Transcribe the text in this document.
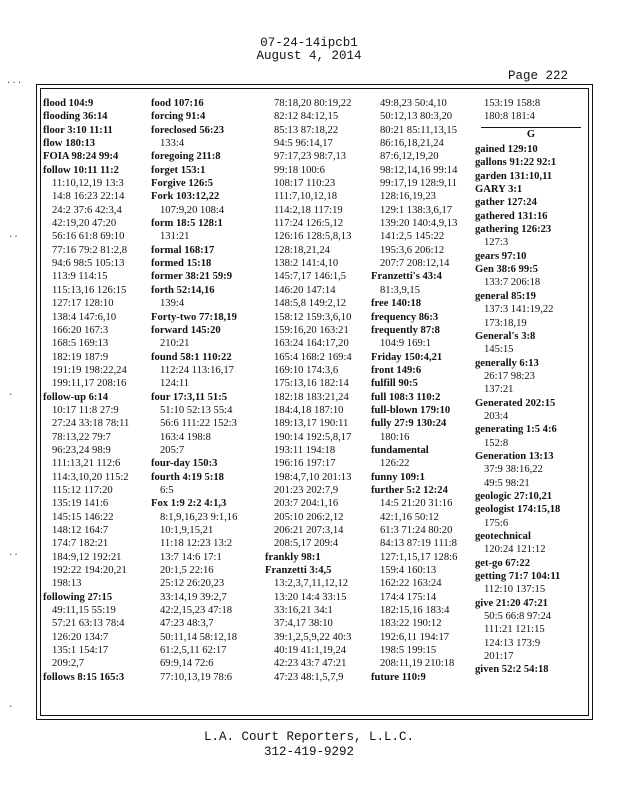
07-24-14ipcb1
August 4, 2014
Page 222
...
..
.
..
.
flood 104:9
flooding 36:14
floor 3:10 11:11
flow 180:13
FOIA 98:24 99:4
follow 10:11 11:2
11:10,12,19 13:3
14:8 16:23 22:14
24:2 37:6 42:3,4
42:19,20 47:20
56:16 61:8 69:10
77:16 79:2 81:2,8
94:6 98:5 105:13
113:9 114:15
115:13,16 126:15
127:17 128:10
138:4 147:6,10
166:20 167:3
168:5 169:13
182:19 187:9
191:19 198:22,24
199:11,17 208:16
follow-up 6:14
10:17 11:8 27:9
27:24 33:18 78:11
78:13,22 79:7
96:23,24 98:9
111:13,21 112:6
114:3,10,20 115:2
115:12 117:20
135:19 141:6
145:15 146:22
148:12 164:7
174:7 182:21
184:9,12 192:21
192:22 194:20,21
198:13
following 27:15
49:11,15 55:19
57:21 63:13 78:4
126:20 134:7
135:1 154:17
209:2,7
follows 8:15 165:3
food 107:16
forcing 91:4
foreclosed 56:23
133:4
foregoing 211:8
forget 153:1
Forgive 126:5
Fork 103:12,22
107:9,20 108:4
form 18:5 128:1
131:21
formal 168:17
formed 15:18
former 38:21 59:9
forth 52:14,16
139:4
Forty-two 77:18,19
forward 145:20
210:21
found 58:1 110:22
112:24 113:16,17
124:11
four 17:3,11 51:5
51:10 52:13 55:4
56:6 111:22 152:3
163:4 198:8
205:7
four-day 150:3
fourth 4:19 5:18
6:5
Fox 1:9 2:2 4:1,3
8:1,9,16,23 9:1,16
10:1,9,15,21
11:18 12:23 13:2
13:7 14:6 17:1
20:1,5 22:16
25:12 26:20,23
33:14,19 39:2,7
42:2,15,23 47:18
47:23 48:3,7
50:11,14 58:12,18
61:2,5,11 62:17
69:9,14 72:6
77:10,13,19 78:6
78:18,20 80:19,22
82:12 84:12,15
85:13 87:18,22
94:5 96:14,17
97:17,23 98:7,13
99:18 100:6
108:17 110:23
111:7,10,12,18
114:2,18 117:19
117:24 126:5,12
126:16 128:5,8,13
128:18,21,24
138:2 141:4,10
145:7,17 146:1,5
146:20 147:14
148:5,8 149:2,12
158:12 159:3,6,10
159:16,20 163:21
163:24 164:17,20
165:4 168:2 169:4
169:10 174:3,6
175:13,16 182:14
182:18 183:21,24
184:4,18 187:10
189:13,17 190:11
190:14 192:5,8,17
193:11 194:18
196:16 197:17
198:4,7,10 201:13
201:23 202:7,9
203:7 204:1,16
205:10 206:2,12
206:21 207:3,14
208:5,17 209:4
frankly 98:1
Franzetti 3:4,5
13:2,3,7,11,12,12
13:20 14:4 33:15
33:16,21 34:1
37:4,17 38:10
39:1,2,5,9,22 40:3
40:19 41:1,19,24
42:23 43:7 47:21
47:23 48:1,5,7,9
49:8,23 50:4,10
50:12,13 80:3,20
80:21 85:11,13,15
86:16,18,21,24
87:6,12,19,20
98:12,14,16 99:14
99:17,19 128:9,11
128:16,19,23
129:1 138:3,6,17
139:20 140:4,9,13
141:2,5 145:22
195:3,6 206:12
207:7 208:12,14
Franzetti's 43:4
81:3,9,15
free 140:18
frequency 86:3
frequently 87:8
104:9 169:1
Friday 150:4,21
front 149:6
fulfill 90:5
full 108:3 110:2
full-blown 179:10
fully 27:9 130:24
180:16
fundamental
126:22
funny 109:1
further 5:2 12:24
14:5 21:20 31:16
42:1,16 50:12
61:3 71:24 80:20
84:13 87:19 111:8
127:1,15,17 128:6
159:4 160:13
162:22 163:24
174:4 175:14
182:15,16 183:4
183:22 190:12
192:6,11 194:17
198:5 199:15
208:11,19 210:18
future 110:9
153:19 158:8
180:8 181:4
G
gained 129:10
gallons 91:22 92:1
garden 131:10,11
GARY 3:1
gather 127:24
gathered 131:16
gathering 126:23
127:3
gears 97:10
Gen 38:6 99:5
133:7 206:18
general 85:19
137:3 141:19,22
173:18,19
General's 3:8
145:15
generally 6:13
26:17 98:23
137:21
Generated 202:15
203:4
generating 1:5 4:6
152:8
Generation 13:13
37:9 38:16,22
49:5 98:21
geologic 27:10,21
geologist 174:15,18
175:6
geotechnical
120:24 121:12
get-go 67:22
getting 71:7 104:11
112:10 137:15
give 21:20 47:21
50:5 66:8 97:24
111:21 121:15
124:13 173:9
201:17
given 52:2 54:18
L.A. Court Reporters, L.L.C.
312-419-9292
